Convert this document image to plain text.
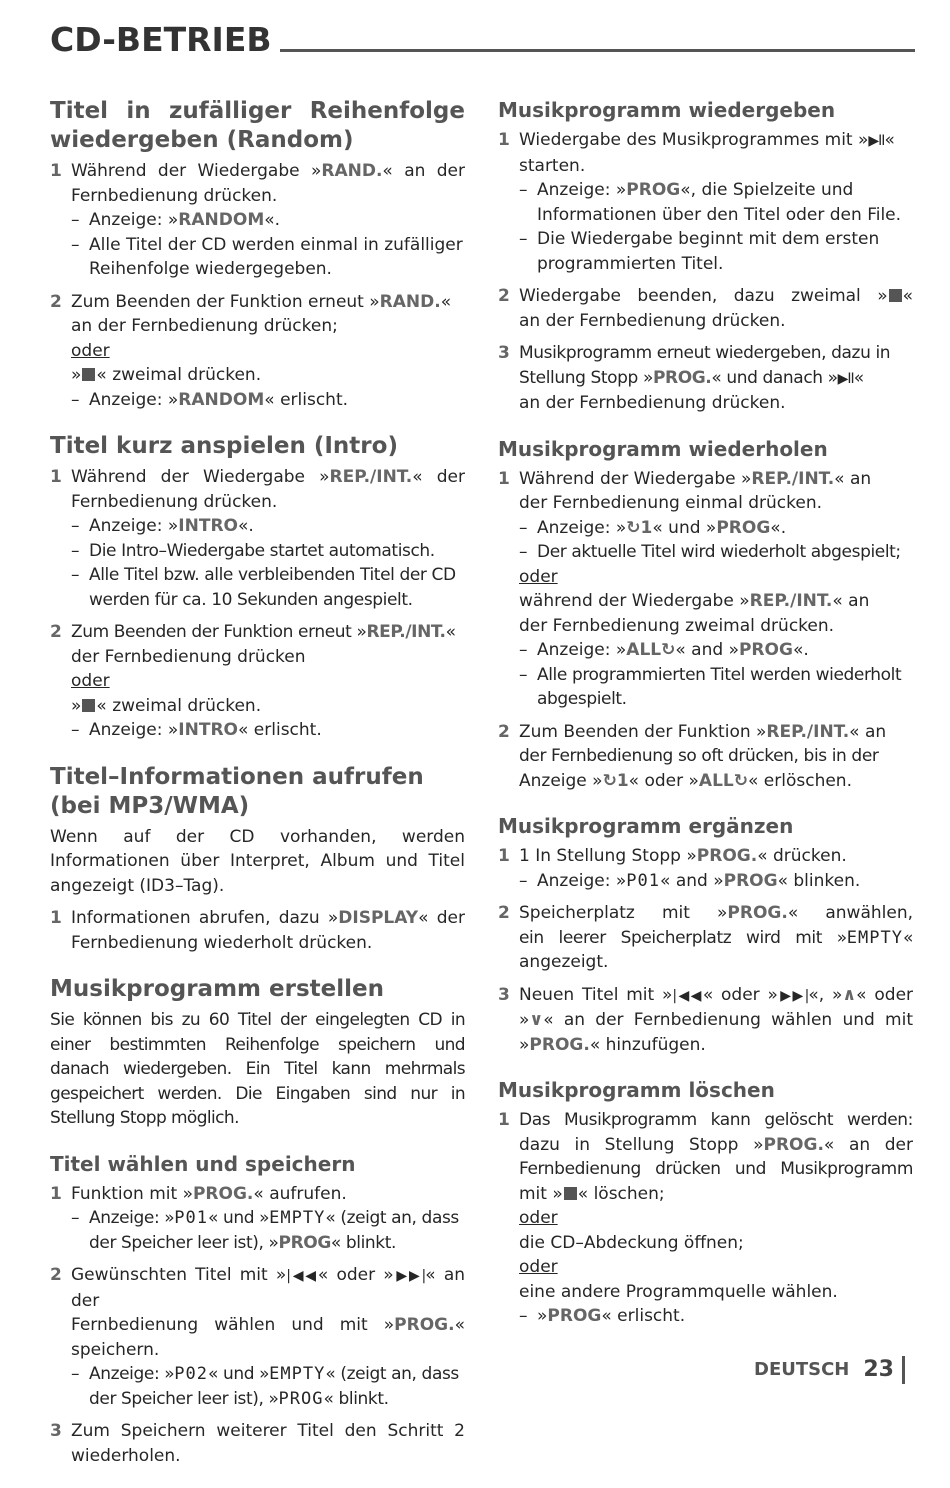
CD-BETRIEB
Titel in zufälliger Reihenfolge
wiedergeben (Random)
1 Während der Wiedergabe »RAND.« an der
Fernbedienung drücken.
– Anzeige: »RANDOM«.
– Alle Titel der CD werden einmal in zufälliger Reihenfolge wiedergegeben.
2 Zum Beenden der Funktion erneut »RAND.«
an der Fernbedienung drücken;
oder
» « zweimal drücken.
– Anzeige: »RANDOM« erlischt.
Titel kurz anspielen (Intro)
1 Während der Wiedergabe »REP./INT.« der
Fernbedienung drücken.
– Anzeige: »INTRO«.
– Die Intro–Wiedergabe startet automatisch.
– Alle Titel bzw. alle verbleibenden Titel der CD werden für ca. 10 Sekunden angespielt.
2 Zum Beenden der Funktion erneut »REP./INT.«
der Fernbedienung drücken
oder
» « zweimal drücken.
– Anzeige: »INTRO« erlischt.
Titel–Informationen aufrufen
(bei MP3/WMA)
Wenn auf der CD vorhanden, werden Informationen über Interpret, Album und Titel angezeigt (ID3–Tag).
1 Informationen abrufen, dazu »DISPLAY« der
Fernbedienung wiederholt drücken.
Musikprogramm erstellen
Sie können bis zu 60 Titel der eingelegten CD in einer bestimmten Reihenfolge speichern und danach wiedergeben. Ein Titel kann mehrmals gespeichert werden. Die Eingaben sind nur in Stellung Stopp möglich.
Titel wählen und speichern
1 Funktion mit »PROG.« aufrufen.
– Anzeige: »P01« und »EMPTY« (zeigt an, dass der Speicher leer ist), »PROG« blinkt.
2 Gewünschten Titel mit »|◀◀« oder »▶▶|« an der
Fernbedienung wählen und mit »PROG.«
speichern.
– Anzeige: »P02« und »EMPTY« (zeigt an, dass der Speicher leer ist), »PROG« blinkt.
3 Zum Speichern weiterer Titel den Schritt 2 wiederholen.
Musikprogramm wiedergeben
1 Wiedergabe des Musikprogrammes mit »▶II«
starten.
– Anzeige: »PROG«, die Spielzeite und Informationen über den Titel oder den File.
– Die Wiedergabe beginnt mit dem ersten programmierten Titel.
2 Wiedergabe beenden, dazu zweimal » «
an der Fernbedienung drücken.
3 Musikprogramm erneut wiedergeben, dazu in
Stellung Stopp »PROG.« und danach »▶II«
an der Fernbedienung drücken.
Musikprogramm wiederholen
1 Während der Wiedergabe »REP./INT.« an
der Fernbedienung einmal drücken.
– Anzeige: »↻1« und »PROG«.
– Der aktuelle Titel wird wiederholt abgespielt;
oder
während der Wiedergabe »REP./INT.« an
der Fernbedienung zweimal drücken.
– Anzeige: »ALL↻« and »PROG«.
– Alle programmierten Titel werden wiederholt abgespielt.
2 Zum Beenden der Funktion »REP./INT.« an
der Fernbedienung so oft drücken, bis in der
Anzeige »↻1« oder »ALL↻« erlöschen.
Musikprogramm ergänzen
1 1 In Stellung Stopp »PROG.« drücken.
– Anzeige: »P01« and »PROG« blinken.
2 Speicherplatz mit »PROG.« anwählen,
ein leerer Speicherplatz wird mit »EMPTY«
angezeigt.
3 Neuen Titel mit »|◀◀« oder »▶▶|«, »∧« oder
»∨« an der Fernbedienung wählen und mit
»PROG.« hinzufügen.
Musikprogramm löschen
1 Das Musikprogramm kann gelöscht werden:
dazu in Stellung Stopp »PROG.« an der
Fernbedienung drücken und Musikprogramm
mit » « löschen;
oder
die CD–Abdeckung öffnen;
oder
eine andere Programmquelle wählen.
– »PROG« erlischt.
DEUTSCH 23
